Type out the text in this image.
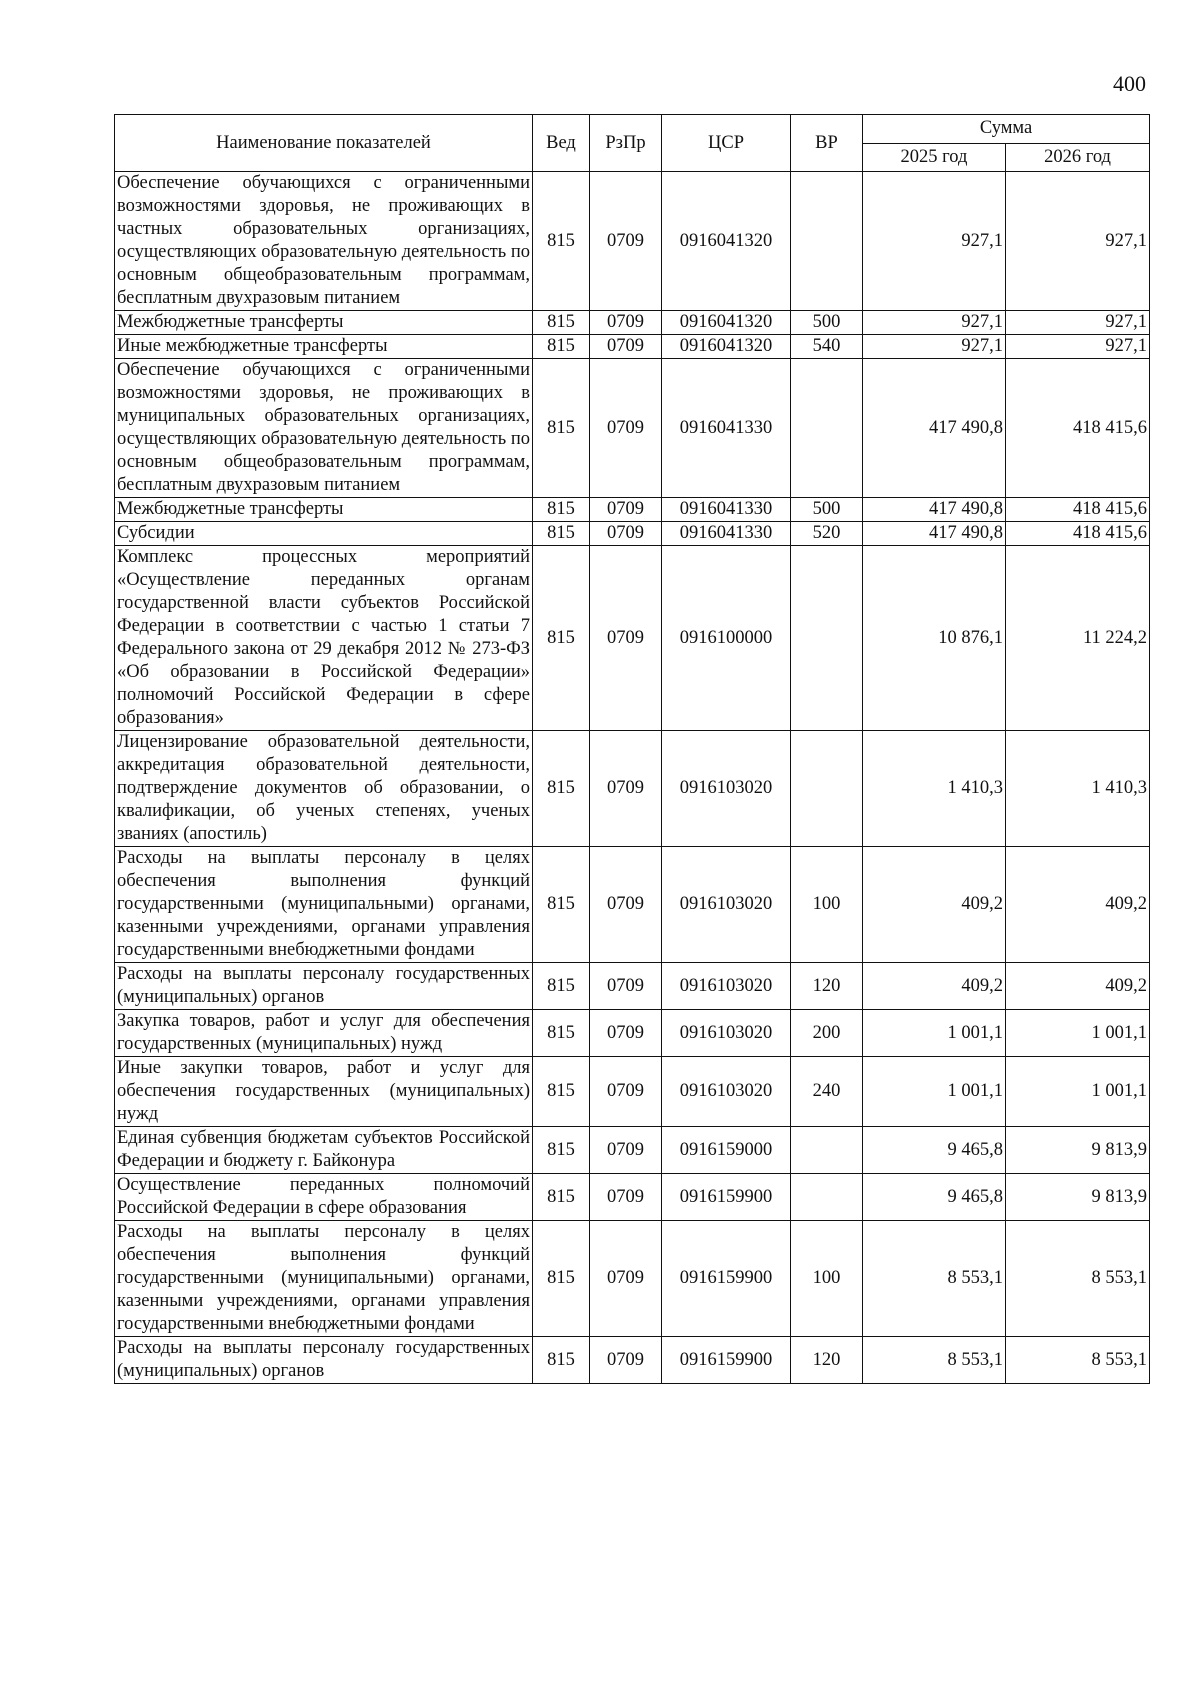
400
Наименование показателей	Вед	РзПр	ЦСР	ВР	Сумма	
					2025 год	2026 год
Обеспечение обучающихся с ограниченными возможностями здоровья, не проживающих в частных образовательных организациях, осуществляющих образовательную деятельность по основным общеобразовательным программам, бесплатным двухразовым питанием	815	0709	0916041320		927,1	927,1
Межбюджетные трансферты	815	0709	0916041320	500	927,1	927,1
Иные межбюджетные трансферты	815	0709	0916041320	540	927,1	927,1
Обеспечение обучающихся с ограниченными возможностями здоровья, не проживающих в муниципальных образовательных организациях, осуществляющих образовательную деятельность по основным общеобразовательным программам, бесплатным двухразовым питанием	815	0709	0916041330		417 490,8	418 415,6
Межбюджетные трансферты	815	0709	0916041330	500	417 490,8	418 415,6
Субсидии	815	0709	0916041330	520	417 490,8	418 415,6
Комплекс процессных мероприятий «Осуществление переданных органам государственной власти субъектов Российской Федерации в соответствии с частью 1 статьи 7 Федерального закона от 29 декабря 2012 № 273-ФЗ «Об образовании в Российской Федерации» полномочий Российской Федерации в сфере образования»	815	0709	0916100000		10 876,1	11 224,2
Лицензирование образовательной деятельности, аккредитация образовательной деятельности, подтверждение документов об образовании, о квалификации, об ученых степенях, ученых званиях (апостиль)	815	0709	0916103020		1 410,3	1 410,3
Расходы на выплаты персоналу в целях обеспечения выполнения функций государственными (муниципальными) органами, казенными учреждениями, органами управления государственными внебюджетными фондами	815	0709	0916103020	100	409,2	409,2
Расходы на выплаты персоналу государственных (муниципальных) органов	815	0709	0916103020	120	409,2	409,2
Закупка товаров, работ и услуг для обеспечения государственных (муниципальных) нужд	815	0709	0916103020	200	1 001,1	1 001,1
Иные закупки товаров, работ и услуг для обеспечения государственных (муниципальных) нужд	815	0709	0916103020	240	1 001,1	1 001,1
Единая субвенция бюджетам субъектов Российской Федерации и бюджету г. Байконура	815	0709	0916159000		9 465,8	9 813,9
Осуществление переданных полномочий Российской Федерации в сфере образования	815	0709	0916159900		9 465,8	9 813,9
Расходы на выплаты персоналу в целях обеспечения выполнения функций государственными (муниципальными) органами, казенными учреждениями, органами управления государственными внебюджетными фондами	815	0709	0916159900	100	8 553,1	8 553,1
Расходы на выплаты персоналу государственных (муниципальных) органов	815	0709	0916159900	120	8 553,1	8 553,1
